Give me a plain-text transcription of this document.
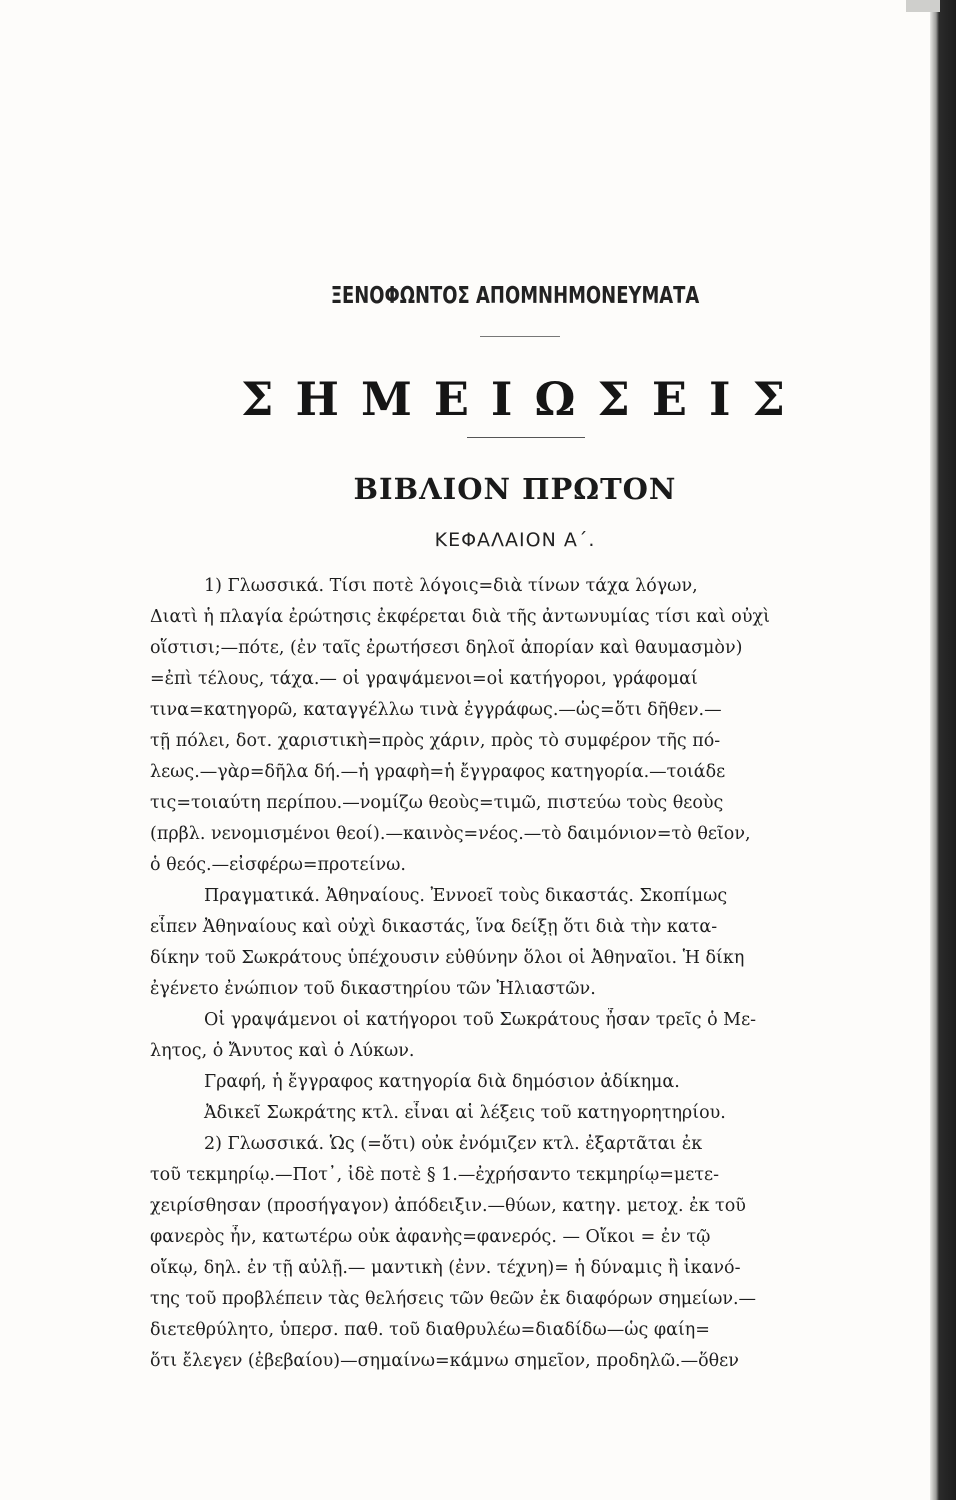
ΞΕΝΟΦΩΝΤΟΣ ΑΠΟΜΝΗΜΟΝΕΥΜΑΤΑ
ΣΗΜΕΙΩΣΕΙΣ
ΒΙΒΛΙΟΝ ΠΡΩΤΟΝ
ΚΕΦΑΛΑΙΟΝ Α΄.
1) Γλωσσικά. Τίσι ποτὲ λόγοις=διὰ τίνων τάχα λόγων,
Διατὶ ἡ πλαγία ἐρώτησις ἐκφέρεται διὰ τῆς ἀντωνυμίας τίσι καὶ οὐχὶ
οἵστισι;—πότε, (ἐν ταῖς ἐρωτήσεσι δηλοῖ ἀπορίαν καὶ θαυμασμὸν)
=ἐπὶ τέλους, τάχα.— οἱ γραψάμενοι=οἱ κατήγοροι, γράφομαί
τινα=κατηγορῶ, καταγγέλλω τινὰ ἐγγράφως.—ὡς=ὅτι δῆθεν.—
τῇ πόλει, δοτ. χαριστικὴ=πρὸς χάριν, πρὸς τὸ συμφέρον τῆς πό-
λεως.—γὰρ=δῆλα δή.—ἡ γραφὴ=ἡ ἔγγραφος κατηγορία.—τοιάδε
τις=τοιαύτη περίπου.—νομίζω θεοὺς=τιμῶ, πιστεύω τοὺς θεοὺς
(πρβλ. νενομισμένοι θεοί).—καινὸς=νέος.—τὸ δαιμόνιον=τὸ θεῖον,
ὁ θεός.—εἰσφέρω=προτείνω.
Πραγματικά. Ἀθηναίους. Ἐννοεῖ τοὺς δικαστάς. Σκοπίμως
εἶπεν Ἀθηναίους καὶ οὐχὶ δικαστάς, ἵνα δείξῃ ὅτι διὰ τὴν κατα-
δίκην τοῦ Σωκράτους ὑπέχουσιν εὐθύνην ὅλοι οἱ Ἀθηναῖοι. Ἡ δίκη
ἐγένετο ἐνώπιον τοῦ δικαστηρίου τῶν Ἡλιαστῶν.
Οἱ γραψάμενοι οἱ κατήγοροι τοῦ Σωκράτους ἦσαν τρεῖς ὁ Με-
λητος, ὁ Ἄνυτος καὶ ὁ Λύκων.
Γραφή, ἡ ἔγγραφος κατηγορία διὰ δημόσιον ἀδίκημα.
Ἀδικεῖ Σωκράτης κτλ. εἶναι αἱ λέξεις τοῦ κατηγορητηρίου.
2) Γλωσσικά. Ὡς (=ὅτι) οὐκ ἐνόμιζεν κτλ. ἐξαρτᾶται ἐκ
τοῦ τεκμηρίῳ.—Ποτ᾽, ἰδὲ ποτὲ § 1.—ἐχρήσαντο τεκμηρίῳ=μετε-
χειρίσθησαν (προσήγαγον) ἀπόδειξιν.—θύων, κατηγ. μετοχ. ἐκ τοῦ
φανερὸς ἦν, κατωτέρω οὐκ ἀφανὴς=φανερός. — Οἴκοι = ἐν τῷ
οἴκῳ, δηλ. ἐν τῇ αὐλῇ.— μαντικὴ (ἐνν. τέχνη)= ἡ δύναμις ἢ ἱκανό-
της τοῦ προβλέπειν τὰς θελήσεις τῶν θεῶν ἐκ διαφόρων σημείων.—
διετεθρύλητο, ὑπερσ. παθ. τοῦ διαθρυλέω=διαδίδω—ὡς φαίη=
ὅτι ἔλεγεν (ἐβεβαίου)—σημαίνω=κάμνω σημεῖον, προδηλῶ.—ὅθεν
